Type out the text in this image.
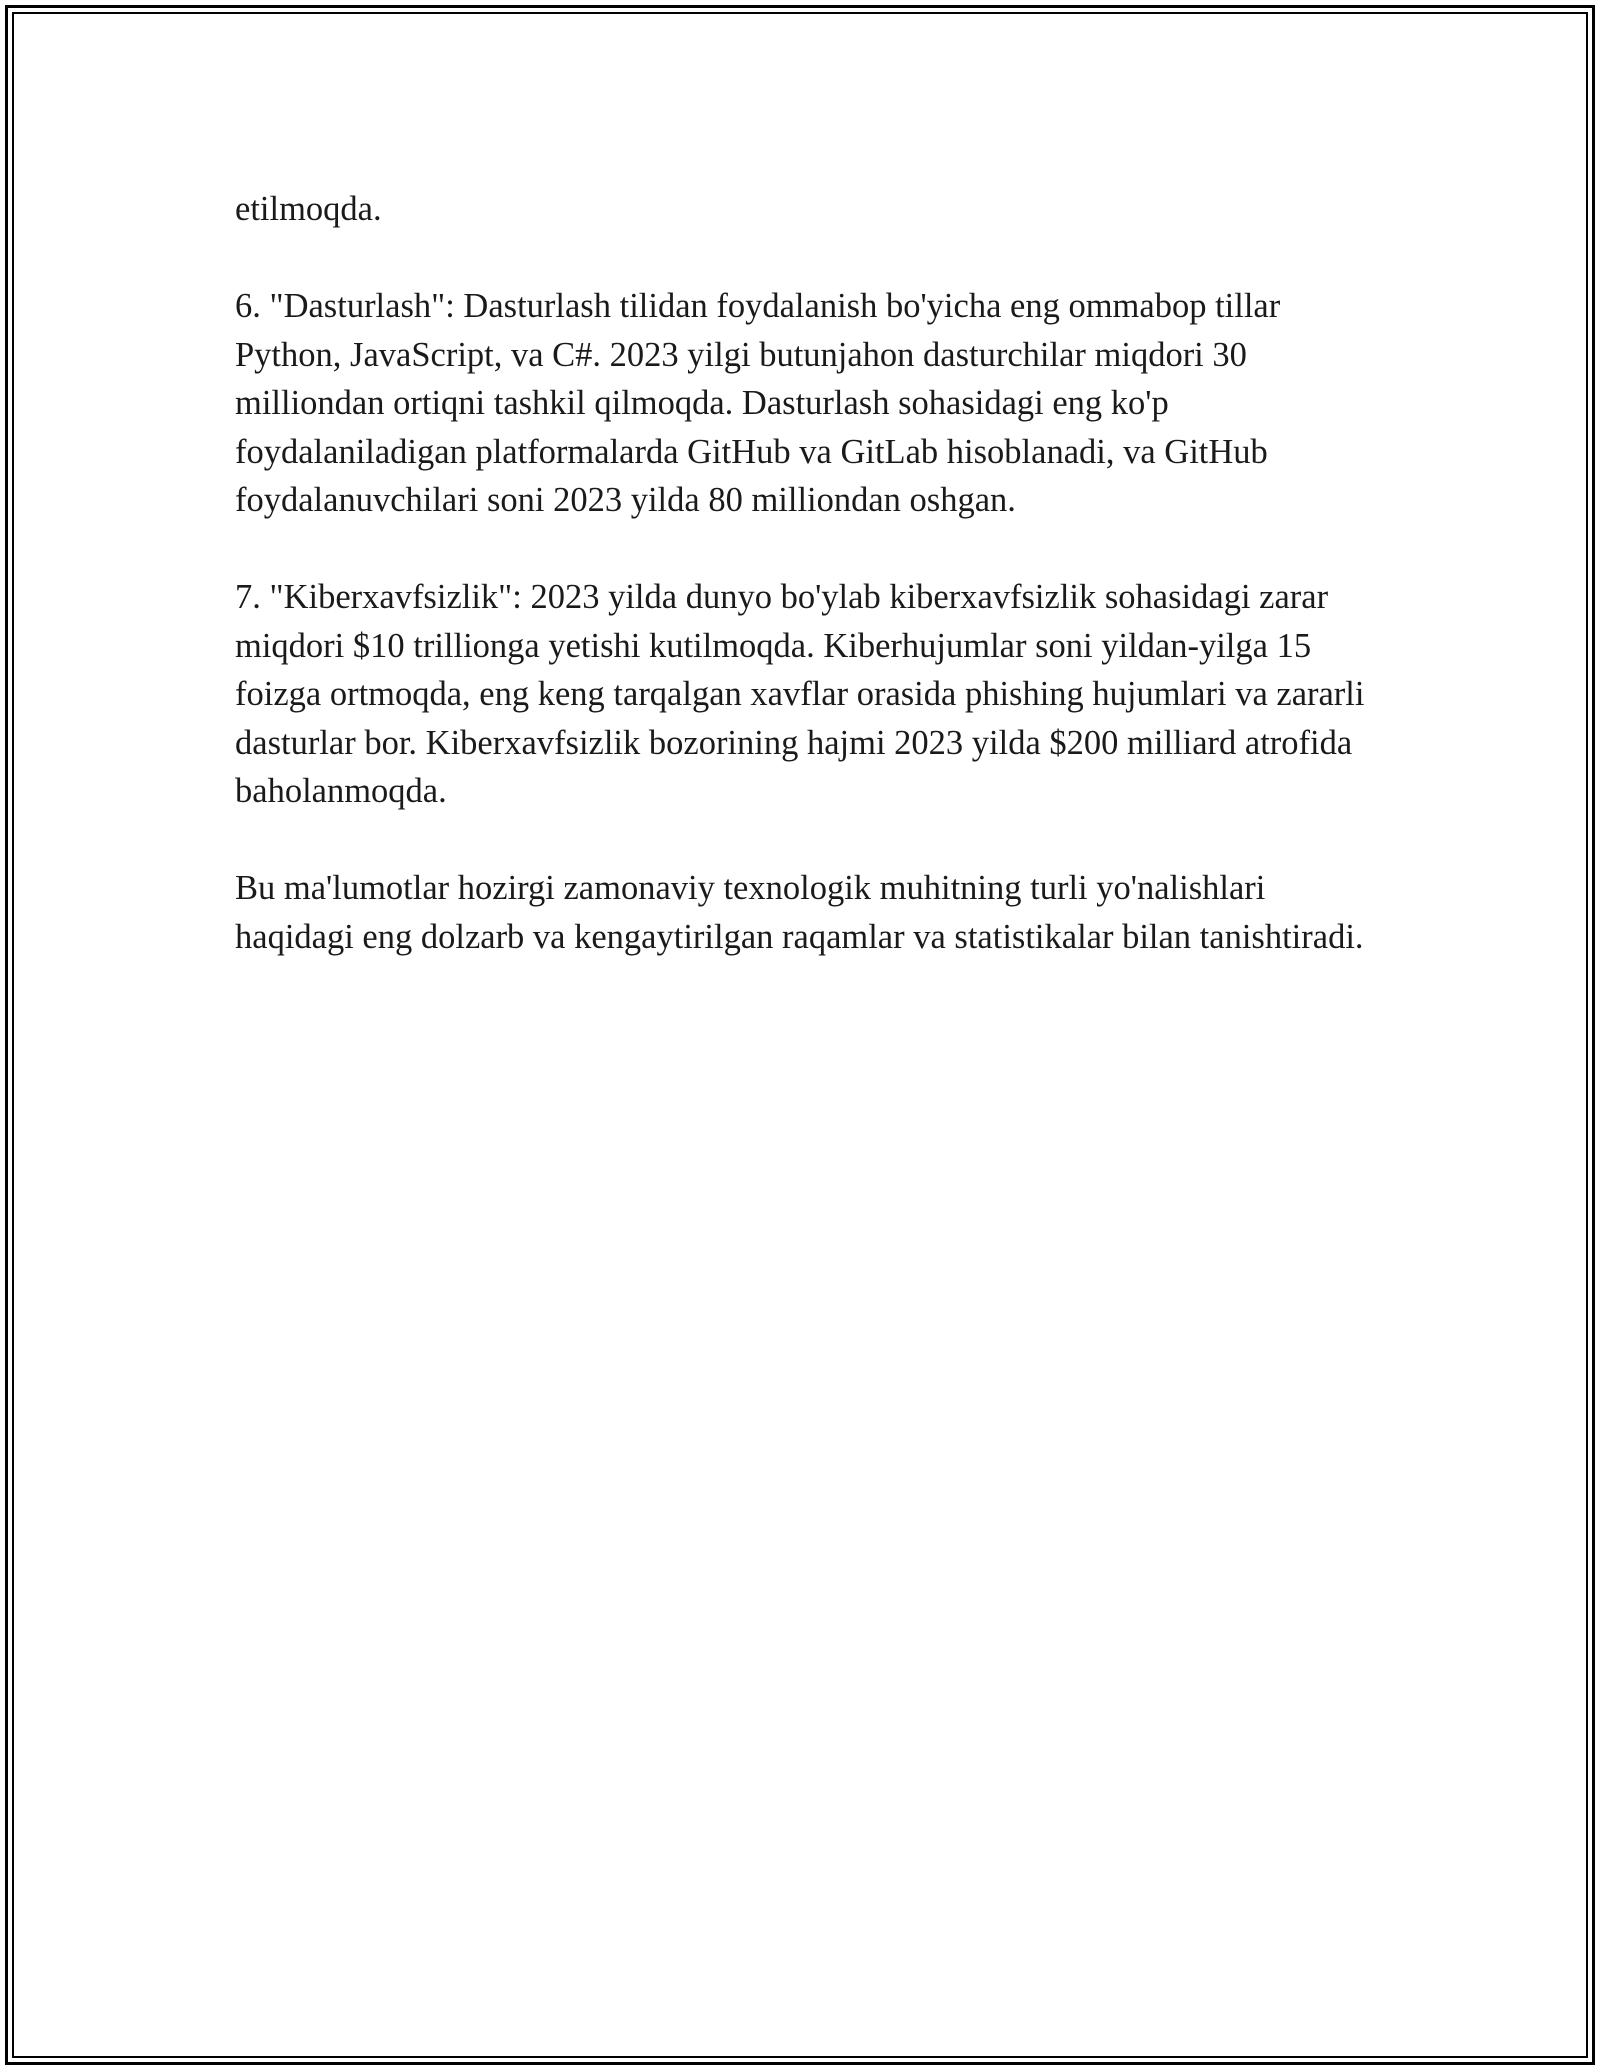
etilmoqda.

6. "Dasturlash": Dasturlash tilidan foydalanish bo'yicha eng ommabop tillar Python, JavaScript, va C#. 2023 yilgi butunjahon dasturchilar miqdori 30 milliondan ortiqni tashkil qilmoqda. Dasturlash sohasidagi eng ko'p foydalaniladigan platformalarda GitHub va GitLab hisoblanadi, va GitHub foydalanuvchilari soni 2023 yilda 80 milliondan oshgan.

7. "Kiberxavfsizlik": 2023 yilda dunyo bo'ylab kiberxavfsizlik sohasidagi zarar miqdori $10 trillionga yetishi kutilmoqda. Kiberhujumlar soni yildan-yilga 15 foizga ortmoqda, eng keng tarqalgan xavflar orasida phishing hujumlari va zararli dasturlar bor. Kiberxavfsizlik bozorining hajmi 2023 yilda $200 milliard atrofida baholanmoqda.

Bu ma'lumotlar hozirgi zamonaviy texnologik muhitning turli yo'nalishlari haqidagi eng dolzarb va kengaytirilgan raqamlar va statistikalar bilan tanishtiradi.
